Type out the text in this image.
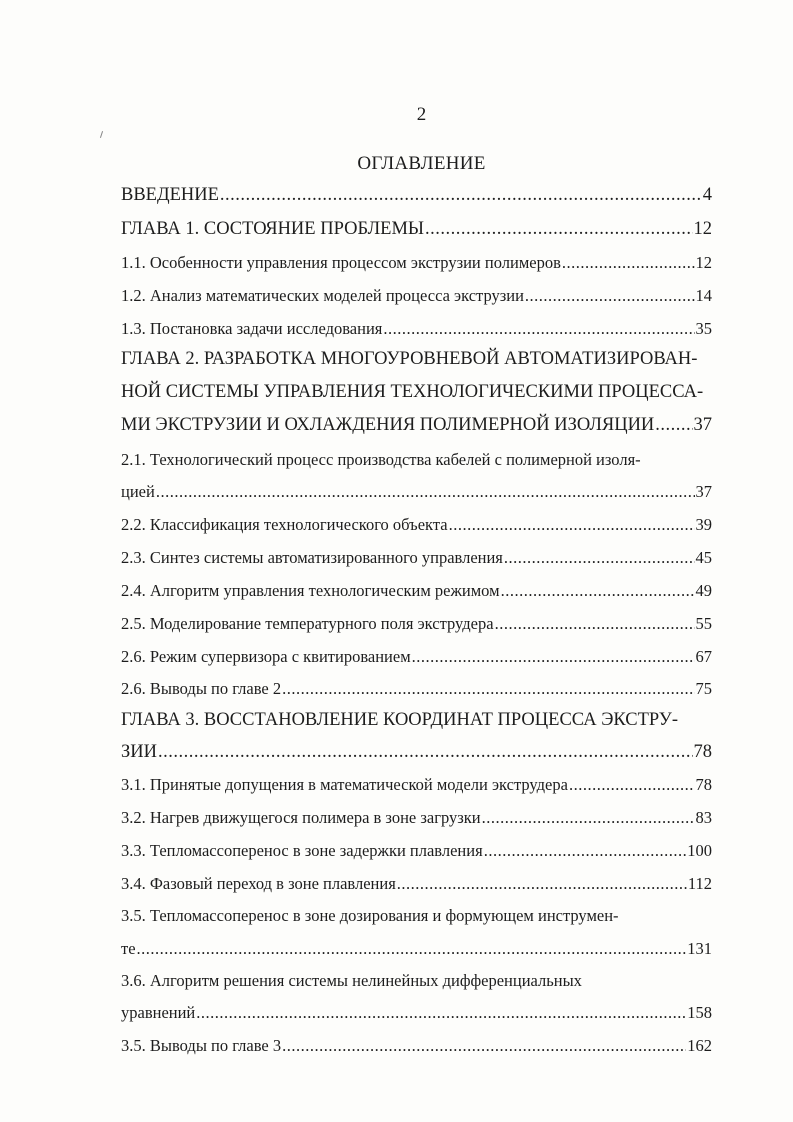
2
ОГЛАВЛЕНИЕ
ВВЕДЕНИЕ .....	4
ГЛАВА 1. СОСТОЯНИЕ ПРОБЛЕМЫ .....	12
1.1. Особенности управления процессом экструзии полимеров .....	12
1.2. Анализ математических моделей процесса экструзии .....	14
1.3. Постановка задачи исследования .....	35
ГЛАВА 2. РАЗРАБОТКА МНОГОУРОВНЕВОЙ АВТОМАТИЗИРОВАН-
НОЙ СИСТЕМЫ УПРАВЛЕНИЯ ТЕХНОЛОГИЧЕСКИМИ ПРОЦЕССА-
МИ ЭКСТРУЗИИ И ОХЛАЖДЕНИЯ ПОЛИМЕРНОЙ ИЗОЛЯЦИИ ..... 37
2.1. Технологический процесс производства кабелей с полимерной изоля-
цией .....	37
2.2. Классификация технологического объекта .....	39
2.3. Синтез системы автоматизированного управления .....	45
2.4. Алгоритм управления технологическим режимом .....	49
2.5. Моделирование температурного поля экструдера .....	55
2.6. Режим супервизора с квитированием .....	67
2.6. Выводы по главе 2 .....	75
ГЛАВА 3. ВОССТАНОВЛЕНИЕ КООРДИНАТ ПРОЦЕССА ЭКСТРУ-
ЗИИ .....	78
3.1. Принятые допущения в математической модели экструдера .....	78
3.2. Нагрев движущегося полимера в зоне загрузки .....	83
3.3. Тепломассоперенос в зоне задержки плавления .....	100
3.4. Фазовый переход в зоне плавления .....	112
3.5. Тепломассоперенос в зоне дозирования и формующем инструмен-
те .....	131
3.6. Алгоритм решения системы нелинейных дифференциальных
уравнений .....	158
3.5. Выводы по главе 3 .....	162
